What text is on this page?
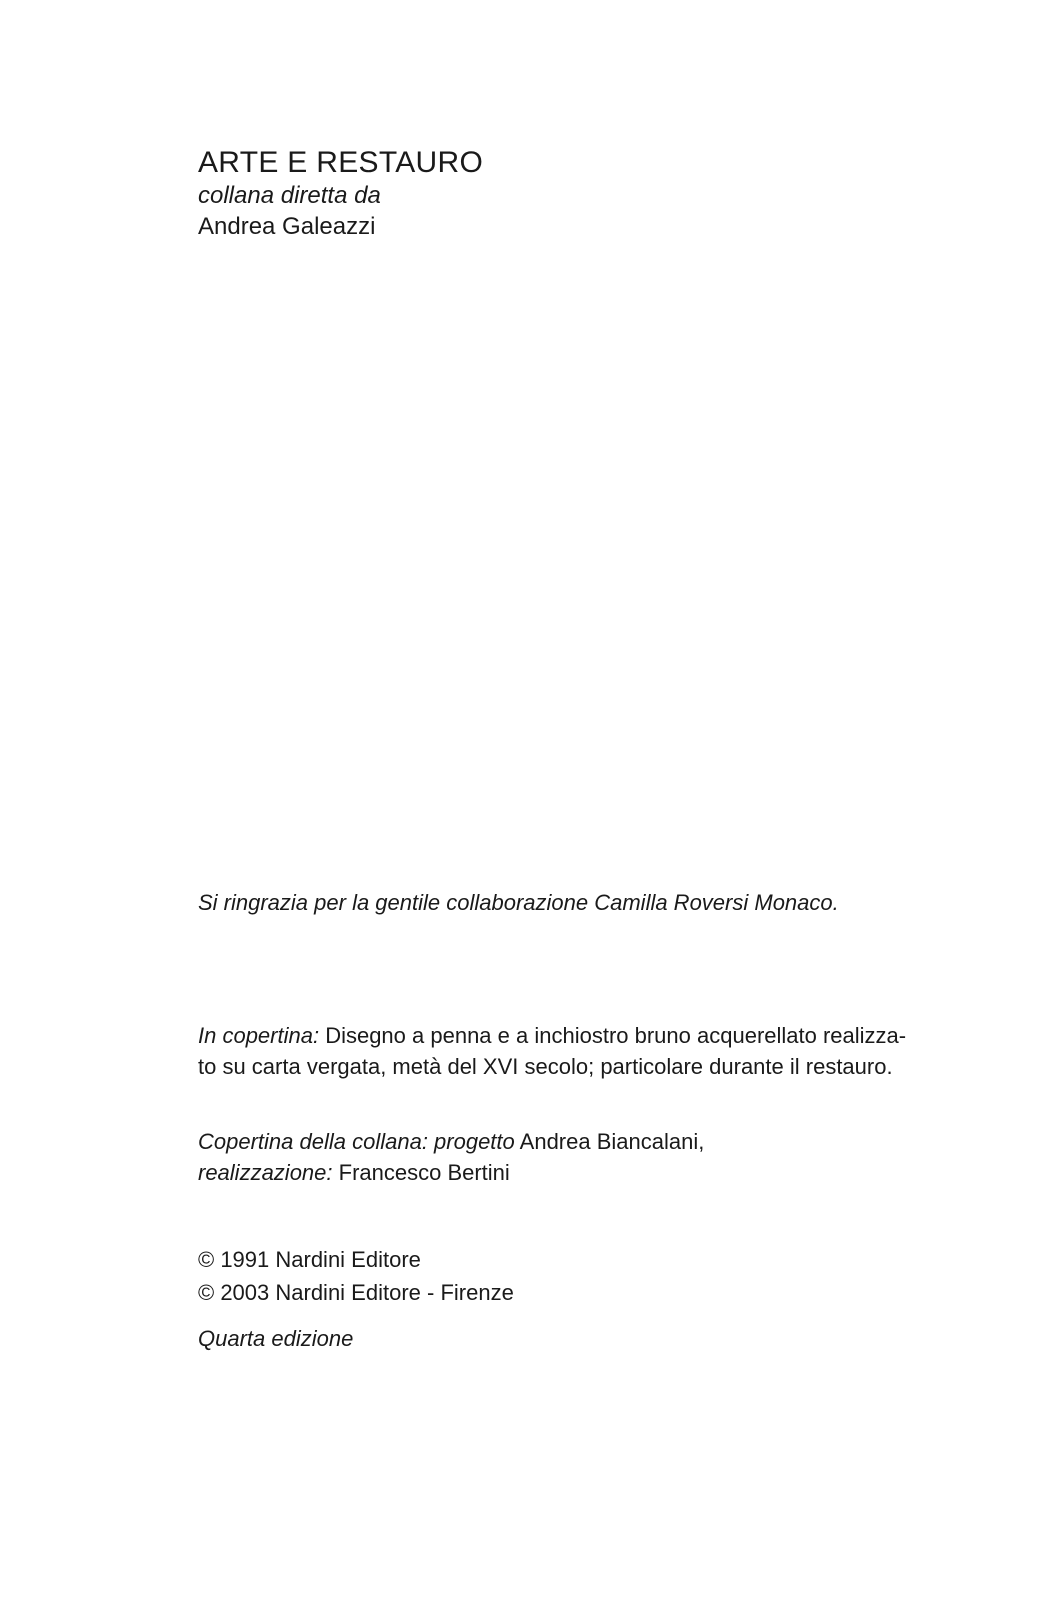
ARTE E RESTAURO
collana diretta da
Andrea Galeazzi
Si ringrazia per la gentile collaborazione Camilla Roversi Monaco.
In copertina: Disegno a penna e a inchiostro bruno acquerellato realizza-
to su carta vergata, metà del XVI secolo; particolare durante il restauro.
Copertina della collana: progetto Andrea Biancalani,
realizzazione: Francesco Bertini
© 1991 Nardini Editore
© 2003 Nardini Editore - Firenze
Quarta edizione
